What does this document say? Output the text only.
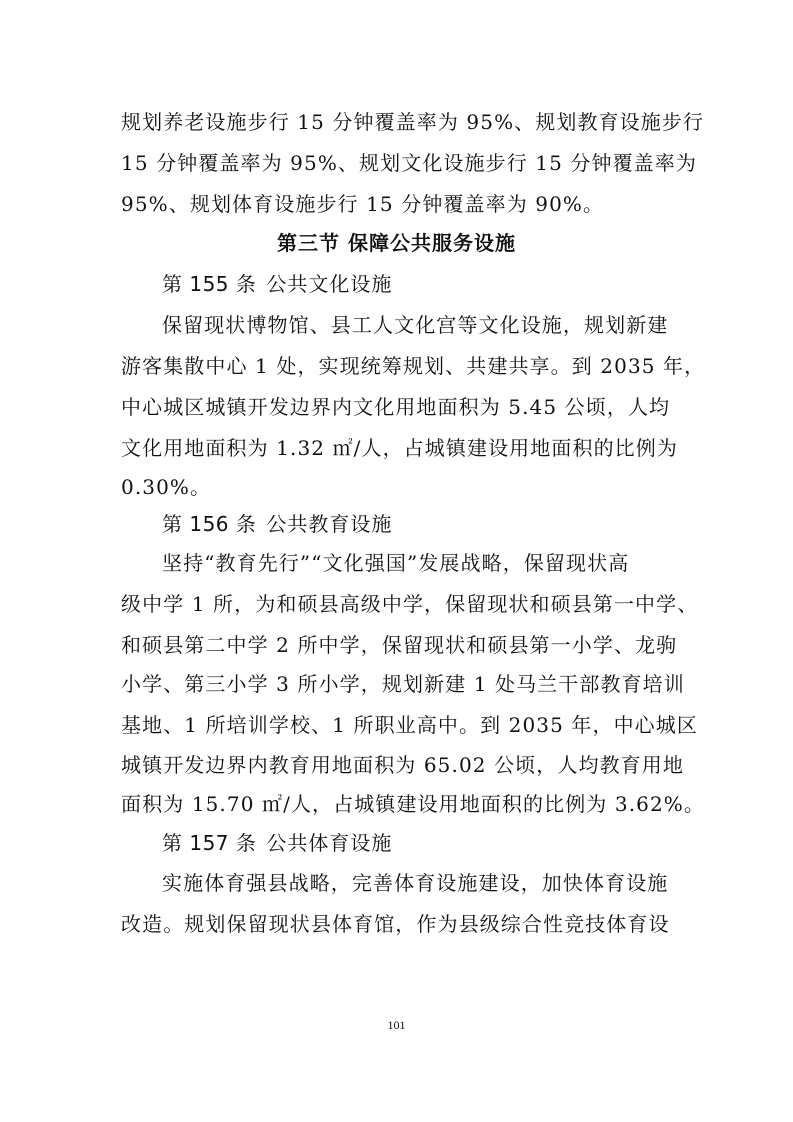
规划养老设施步行 15 分钟覆盖率为 95%、规划教育设施步行
15 分钟覆盖率为 95%、规划文化设施步行 15 分钟覆盖率为
95%、规划体育设施步行 15 分钟覆盖率为 90%。
第三节 保障公共服务设施
第 155 条 公共文化设施
保留现状博物馆、县工人文化宫等文化设施，规划新建
游客集散中心 1 处，实现统筹规划、共建共享。到 2035 年，
中心城区城镇开发边界内文化用地面积为 5.45 公顷，人均
文化用地面积为 1.32 ㎡/人，占城镇建设用地面积的比例为
0.30%。
第 156 条 公共教育设施
坚持“教育先行”“文化强国”发展战略，保留现状高
级中学 1 所，为和硕县高级中学，保留现状和硕县第一中学、
和硕县第二中学 2 所中学，保留现状和硕县第一小学、龙驹
小学、第三小学 3 所小学，规划新建 1 处马兰干部教育培训
基地、1 所培训学校、1 所职业高中。到 2035 年，中心城区
城镇开发边界内教育用地面积为 65.02 公顷，人均教育用地
面积为 15.70 ㎡/人，占城镇建设用地面积的比例为 3.62%。
第 157 条 公共体育设施
实施体育强县战略，完善体育设施建设，加快体育设施
改造。规划保留现状县体育馆，作为县级综合性竞技体育设
101
